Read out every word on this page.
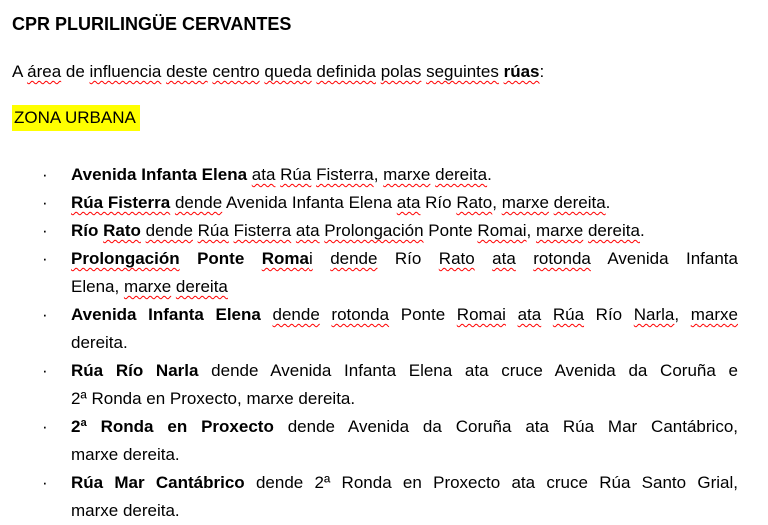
CPR PLURILINGÜE CERVANTES
A área de influencia deste centro queda definida polas seguintes rúas:
ZONA URBANA
· Avenida Infanta Elena ata Rúa Fisterra, marxe dereita.
· Rúa Fisterra dende Avenida Infanta Elena ata Río Rato, marxe dereita.
· Río Rato dende Rúa Fisterra ata Prolongación Ponte Romai, marxe dereita.
· Prolongación Ponte Romai dende Río Rato ata rotonda Avenida Infanta
Elena, marxe dereita
· Avenida Infanta Elena dende rotonda Ponte Romai ata Rúa Río Narla, marxe
dereita.
· Rúa Río Narla dende Avenida Infanta Elena ata cruce Avenida da Coruña e
2ª Ronda en Proxecto, marxe dereita.
· 2ª Ronda en Proxecto dende Avenida da Coruña ata Rúa Mar Cantábrico,
marxe dereita.
· Rúa Mar Cantábrico dende 2ª Ronda en Proxecto ata cruce Rúa Santo Grial,
marxe dereita.
